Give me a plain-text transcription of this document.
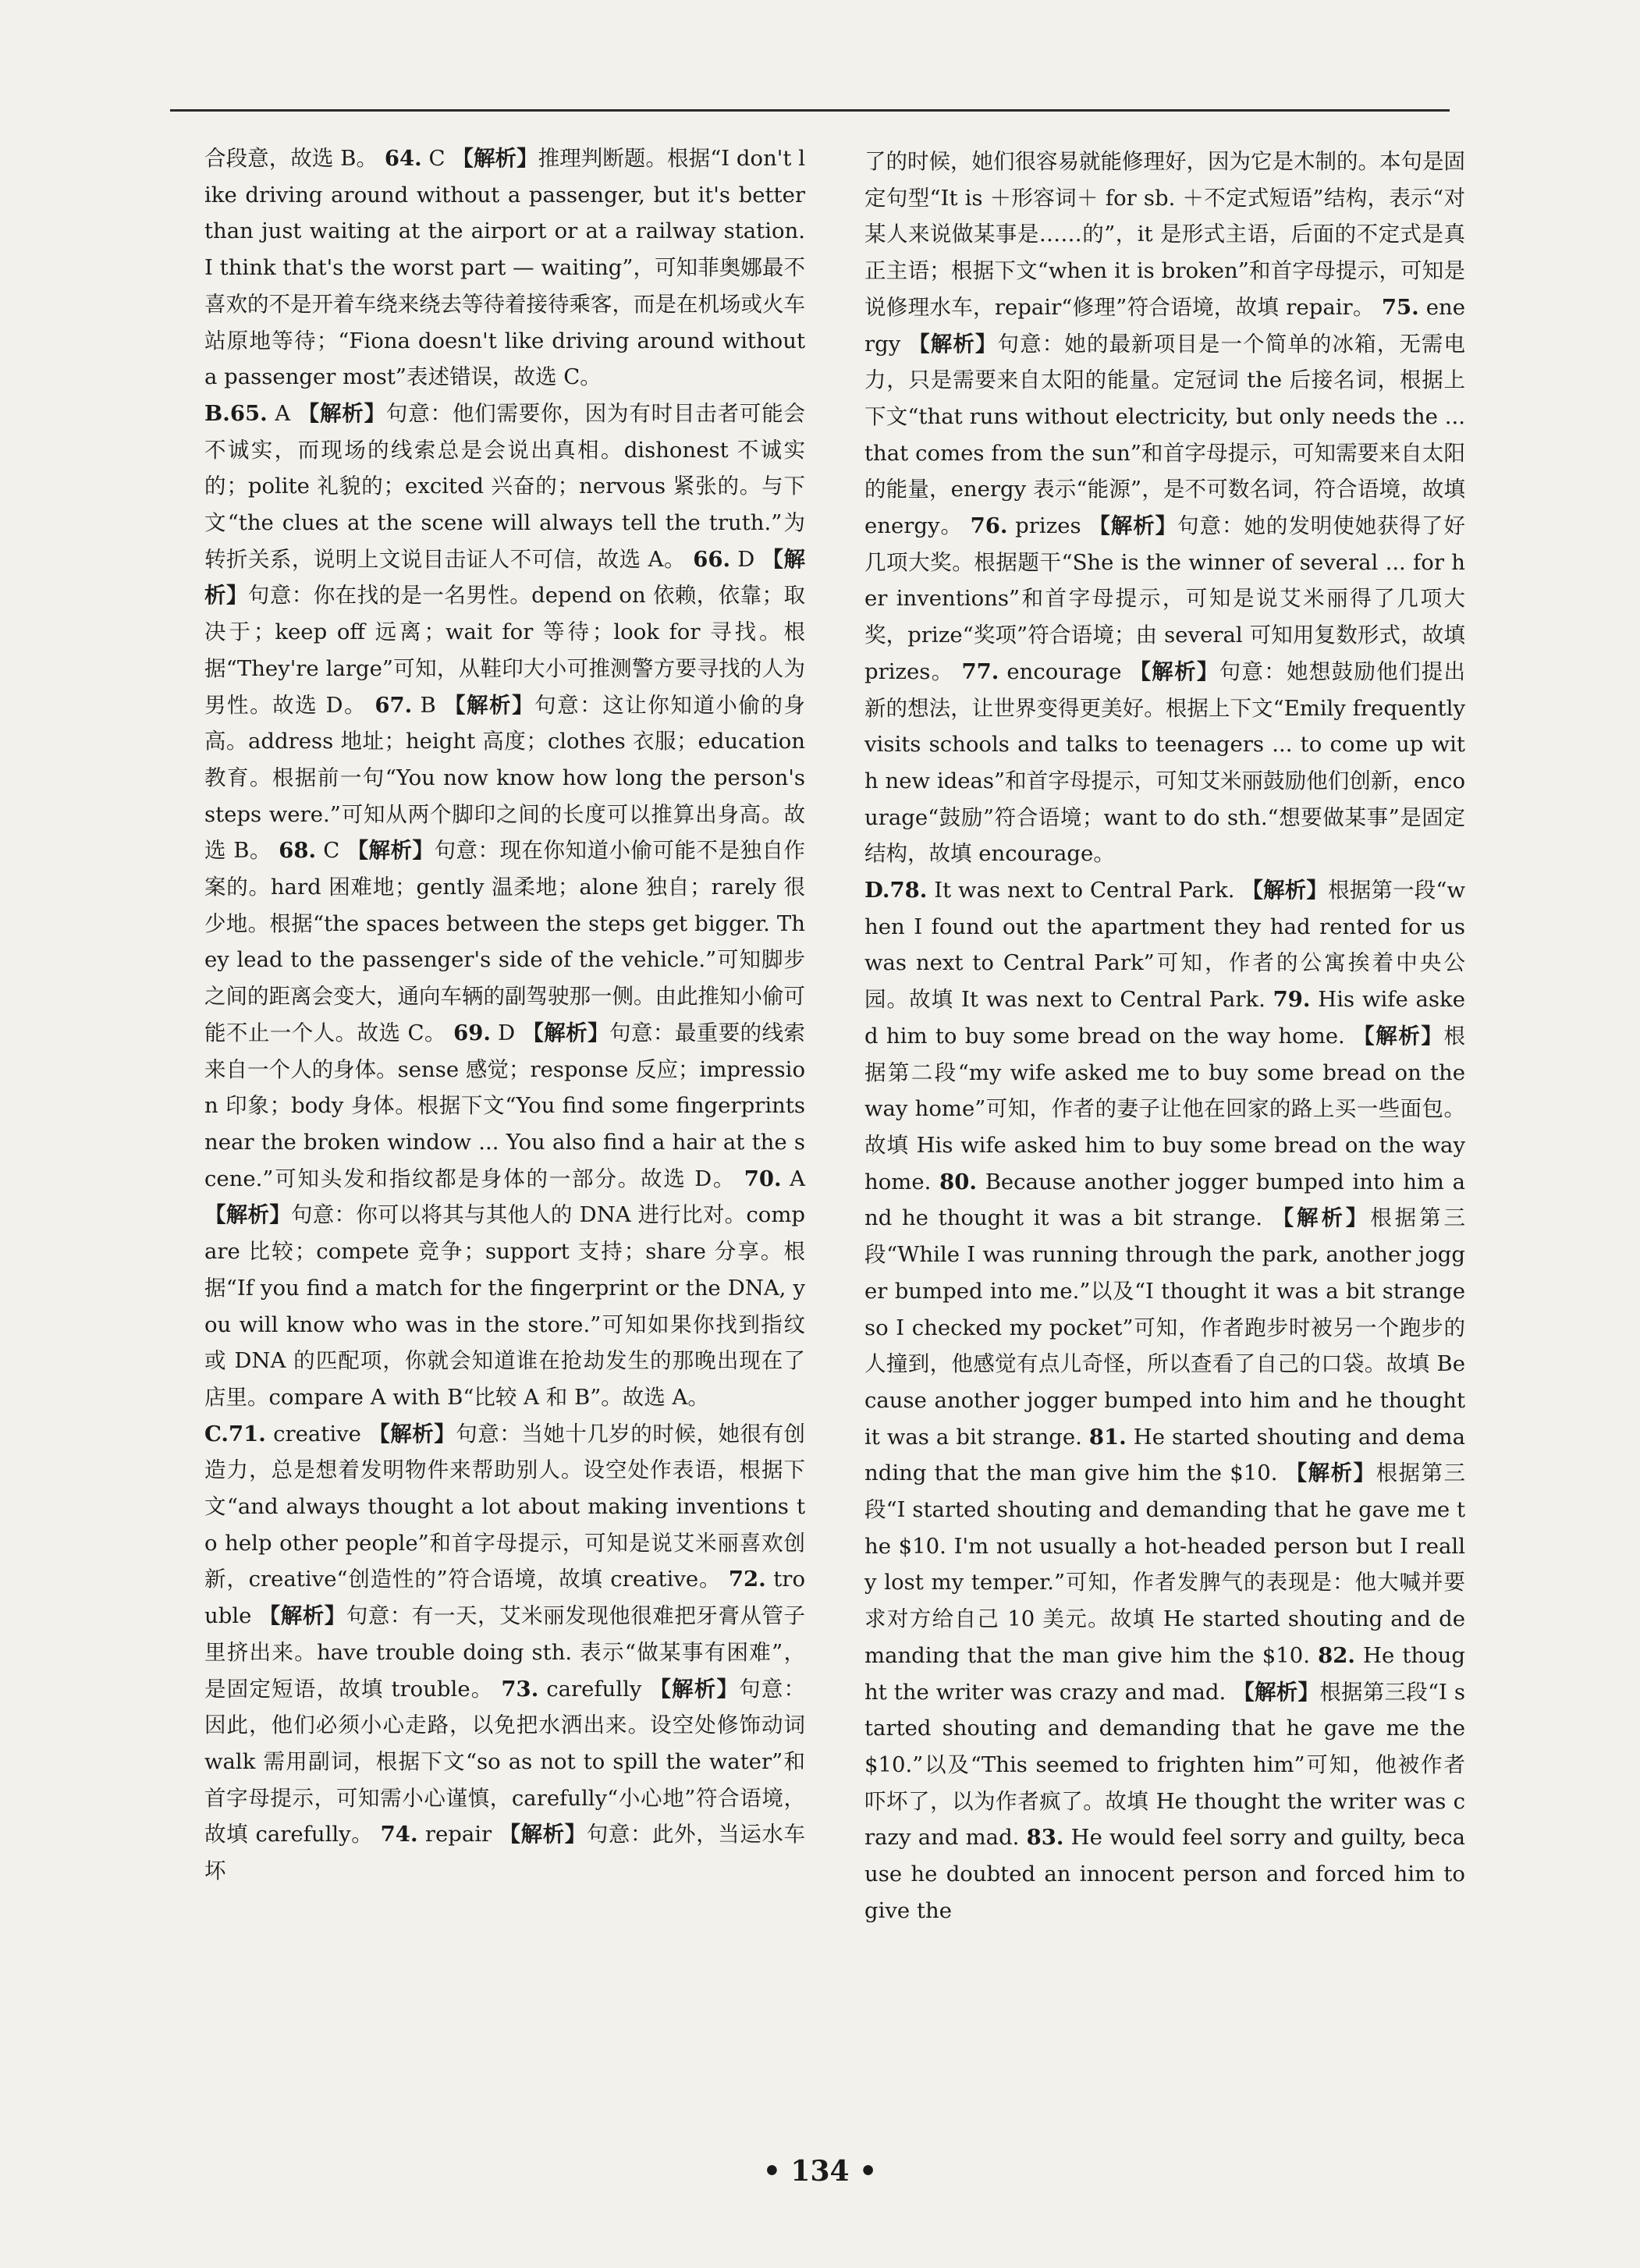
合段意，故选 B。 64. C 【解析】推理判断题。根据“I don't like driving around without a passenger, but it's better than just waiting at the airport or at a railway station. I think that's the worst part — waiting”，可知菲奥娜最不喜欢的不是开着车绕来绕去等待着接待乘客，而是在机场或火车站原地等待；“Fiona doesn't like driving around without a passenger most”表述错误，故选 C。

B.65. A 【解析】句意：他们需要你，因为有时目击者可能会不诚实，而现场的线索总是会说出真相。dishonest 不诚实的；polite 礼貌的；excited 兴奋的；nervous 紧张的。与下文“the clues at the scene will always tell the truth.”为转折关系，说明上文说目击证人不可信，故选 A。 66. D 【解析】句意：你在找的是一名男性。depend on 依赖，依靠；取决于；keep off 远离；wait for 等待；look for 寻找。根据“They're large”可知，从鞋印大小可推测警方要寻找的人为男性。故选 D。 67. B 【解析】句意：这让你知道小偷的身高。address 地址；height 高度；clothes 衣服；education 教育。根据前一句“You now know how long the person's steps were.”可知从两个脚印之间的长度可以推算出身高。故选 B。 68. C 【解析】句意：现在你知道小偷可能不是独自作案的。hard 困难地；gently 温柔地；alone 独自；rarely 很少地。根据“the spaces between the steps get bigger. They lead to the passenger's side of the vehicle.”可知脚步之间的距离会变大，通向车辆的副驾驶那一侧。由此推知小偷可能不止一个人。故选 C。 69. D 【解析】句意：最重要的线索来自一个人的身体。sense 感觉；response 反应；impression 印象；body 身体。根据下文“You find some fingerprints near the broken window ... You also find a hair at the scene.”可知头发和指纹都是身体的一部分。故选 D。 70. A 【解析】句意：你可以将其与其他人的 DNA 进行比对。compare 比较；compete 竞争；support 支持；share 分享。根据“If you find a match for the fingerprint or the DNA, you will know who was in the store.”可知如果你找到指纹或 DNA 的匹配项，你就会知道谁在抢劫发生的那晚出现在了店里。compare A with B“比较 A 和 B”。故选 A。

C.71. creative 【解析】句意：当她十几岁的时候，她很有创造力，总是想着发明物件来帮助别人。设空处作表语，根据下文“and always thought a lot about making inventions to help other people”和首字母提示，可知是说艾米丽喜欢创新，creative“创造性的”符合语境，故填 creative。 72. trouble 【解析】句意：有一天，艾米丽发现他很难把牙膏从管子里挤出来。have trouble doing sth. 表示“做某事有困难”，是固定短语，故填 trouble。 73. carefully 【解析】句意：因此，他们必须小心走路，以免把水洒出来。设空处修饰动词 walk 需用副词，根据下文“so as not to spill the water”和首字母提示，可知需小心谨慎，carefully“小心地”符合语境，故填 carefully。 74. repair 【解析】句意：此外，当运水车坏

了的时候，她们很容易就能修理好，因为它是木制的。本句是固定句型“It is ＋形容词＋ for sb. ＋不定式短语”结构，表示“对某人来说做某事是……的”，it 是形式主语，后面的不定式是真正主语；根据下文“when it is broken”和首字母提示，可知是说修理水车，repair“修理”符合语境，故填 repair。 75. energy 【解析】句意：她的最新项目是一个简单的冰箱，无需电力，只是需要来自太阳的能量。定冠词 the 后接名词，根据上下文“that runs without electricity, but only needs the ... that comes from the sun”和首字母提示，可知需要来自太阳的能量，energy 表示“能源”，是不可数名词，符合语境，故填 energy。 76. prizes 【解析】句意：她的发明使她获得了好几项大奖。根据题干“She is the winner of several ... for her inventions”和首字母提示，可知是说艾米丽得了几项大奖，prize“奖项”符合语境；由 several 可知用复数形式，故填 prizes。 77. encourage 【解析】句意：她想鼓励他们提出新的想法，让世界变得更美好。根据上下文“Emily frequently visits schools and talks to teenagers ... to come up with new ideas”和首字母提示，可知艾米丽鼓励他们创新，encourage“鼓励”符合语境；want to do sth.“想要做某事”是固定结构，故填 encourage。

D.78. It was next to Central Park. 【解析】根据第一段“when I found out the apartment they had rented for us was next to Central Park”可知，作者的公寓挨着中央公园。故填 It was next to Central Park. 79. His wife asked him to buy some bread on the way home. 【解析】根据第二段“my wife asked me to buy some bread on the way home”可知，作者的妻子让他在回家的路上买一些面包。故填 His wife asked him to buy some bread on the way home. 80. Because another jogger bumped into him and he thought it was a bit strange. 【解析】根据第三段“While I was running through the park, another jogger bumped into me.”以及“I thought it was a bit strange so I checked my pocket”可知，作者跑步时被另一个跑步的人撞到，他感觉有点儿奇怪，所以查看了自己的口袋。故填 Because another jogger bumped into him and he thought it was a bit strange. 81. He started shouting and demanding that the man give him the $10. 【解析】根据第三段“I started shouting and demanding that he gave me the $10. I'm not usually a hot-headed person but I really lost my temper.”可知，作者发脾气的表现是：他大喊并要求对方给自己 10 美元。故填 He started shouting and demanding that the man give him the $10. 82. He thought the writer was crazy and mad. 【解析】根据第三段“I started shouting and demanding that he gave me the $10.”以及“This seemed to frighten him”可知，他被作者吓坏了，以为作者疯了。故填 He thought the writer was crazy and mad. 83. He would feel sorry and guilty, because he doubted an innocent person and forced him to give the

• 134 •
